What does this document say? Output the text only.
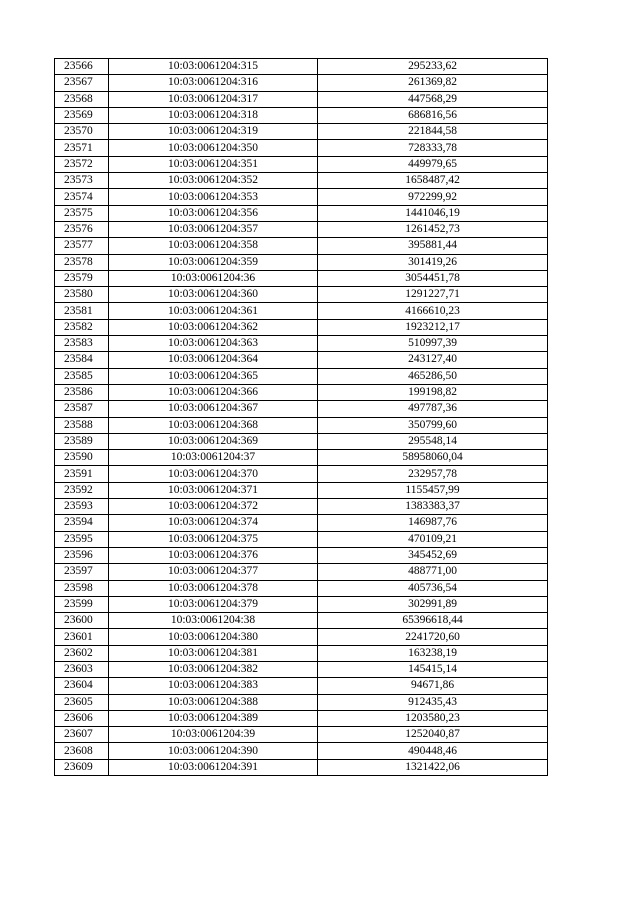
23566	10:03:0061204:315	295233,62
23567	10:03:0061204:316	261369,82
23568	10:03:0061204:317	447568,29
23569	10:03:0061204:318	686816,56
23570	10:03:0061204:319	221844,58
23571	10:03:0061204:350	728333,78
23572	10:03:0061204:351	449979,65
23573	10:03:0061204:352	1658487,42
23574	10:03:0061204:353	972299,92
23575	10:03:0061204:356	1441046,19
23576	10:03:0061204:357	1261452,73
23577	10:03:0061204:358	395881,44
23578	10:03:0061204:359	301419,26
23579	10:03:0061204:36	3054451,78
23580	10:03:0061204:360	1291227,71
23581	10:03:0061204:361	4166610,23
23582	10:03:0061204:362	1923212,17
23583	10:03:0061204:363	510997,39
23584	10:03:0061204:364	243127,40
23585	10:03:0061204:365	465286,50
23586	10:03:0061204:366	199198,82
23587	10:03:0061204:367	497787,36
23588	10:03:0061204:368	350799,60
23589	10:03:0061204:369	295548,14
23590	10:03:0061204:37	58958060,04
23591	10:03:0061204:370	232957,78
23592	10:03:0061204:371	1155457,99
23593	10:03:0061204:372	1383383,37
23594	10:03:0061204:374	146987,76
23595	10:03:0061204:375	470109,21
23596	10:03:0061204:376	345452,69
23597	10:03:0061204:377	488771,00
23598	10:03:0061204:378	405736,54
23599	10:03:0061204:379	302991,89
23600	10:03:0061204:38	65396618,44
23601	10:03:0061204:380	2241720,60
23602	10:03:0061204:381	163238,19
23603	10:03:0061204:382	145415,14
23604	10:03:0061204:383	94671,86
23605	10:03:0061204:388	912435,43
23606	10:03:0061204:389	1203580,23
23607	10:03:0061204:39	1252040,87
23608	10:03:0061204:390	490448,46
23609	10:03:0061204:391	1321422,06
